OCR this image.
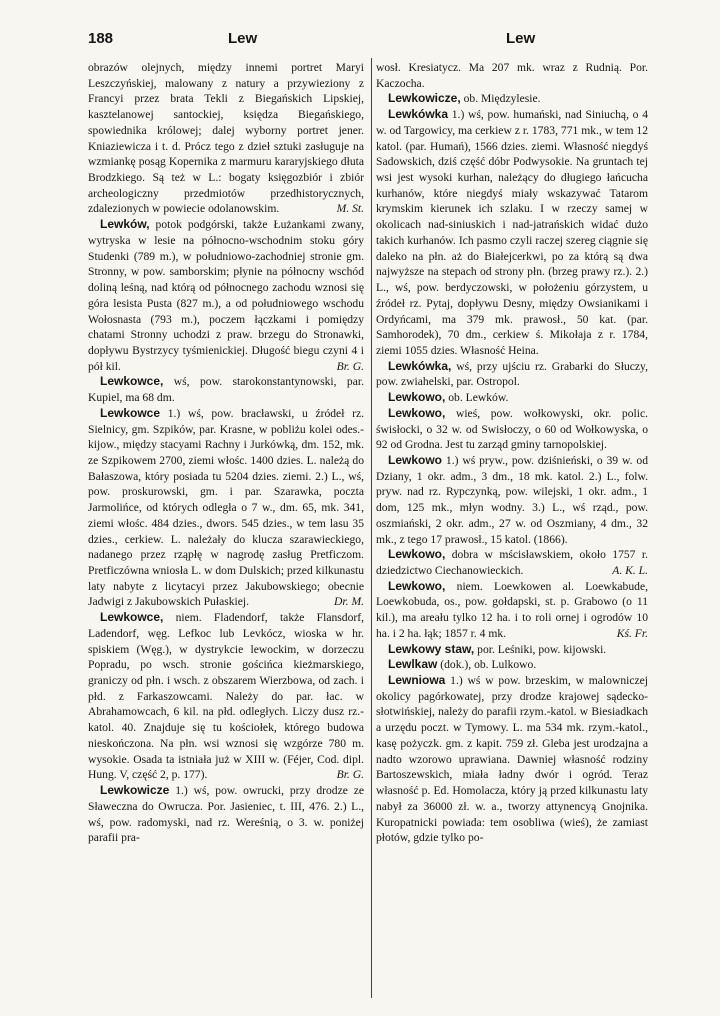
188	Lew	Lew

obrazów olejnych, między innemi portret Maryi Leszczyńskiej, malowany z natury a przywieziony z Francyi przez brata Tekli z Biegańskich Lipskiej, kasztelanowej santockiej, księdza Biegańskiego, spowiednika królowej; dalej wyborny portret jener. Kniaziewicza i t. d. Prócz tego z dzieł sztuki zasługuje na wzmiankę posąg Kopernika z marmuru kararyjskiego dłuta Brodzkiego. Są też w L.: bogaty księgozbiór i zbiór archeologiczny przedmiotów przedhistorycznych, zdalezionych w powiecie odolanowskim.	M. St.

Lewków, potok podgórski, także Łużankami zwany, wytryska w lesie na północno-wschodnim stoku góry Studenki (789 m.), w południowo-zachodniej stronie gm. Stronny, w pow. samborskim; płynie na północny wschód doliną leśną, nad którą od północnego zachodu wznosi się góra lesista Pusta (827 m.), a od południowego wschodu Wołosnasta (793 m.), poczem łączkami i pomiędzy chatami Stronny uchodzi z praw. brzegu do Stronawki, dopływu Bystrzycy tyśmienickiej. Długość biegu czyni 4 i pół kil.	Br. G.

Lewkowce, wś, pow. starokonstantynowski, par. Kupiel, ma 68 dm.

Lewkowce 1.) wś, pow. bracławski, u źródeł rz. Sielnicy, gm. Szpików, par. Krasne, w pobliżu kolei odes.-kijow., między stacyami Rachny i Jurkówką, dm. 152, mk. ze Szpikowem 2700, ziemi włośc. 1400 dzies. L. należą do Bałaszowa, który posiada tu 5204 dzies. ziemi. 2.) L., wś, pow. proskurowski, gm. i par. Szarawka, poczta Jarmolińce, od których odległa o 7 w., dm. 65, mk. 341, ziemi włośc. 484 dzies., dwors. 545 dzies., w tem lasu 35 dzies., cerkiew. L. należały do klucza szarawieckiego, nadanego przez rząpłę w nagrodę zasług Pretficzom. Pretficzówna wniosła L. w dom Dulskich; przed kilkunastu laty nabyte z licytacyi przez Jakubowskiego; obecnie Jadwigi z Jakubowskich Pułaskiej.	Dr. M.

Lewkowce, niem. Fladendorf, także Flansdorf, Ladendorf, węg. Lefkoc lub Levkócz, wioska w hr. spiskiem (Węg.), w dystrykcie lewockim, w dorzeczu Popradu, po wsch. stronie gościńca kieżmarskiego, graniczy od płn. i wsch. z obszarem Wierzbowa, od zach. i płd. z Farkaszowcami. Należy do par. łac. w Abrahamowcach, 6 kil. na płd. odległych. Liczy dusz rz.-katol. 40. Znajduje się tu kościołek, którego budowa nieskończona. Na płn. wsi wznosi się wzgórze 780 m. wysokie. Osada ta istniała już w XIII w. (Féjer, Cod. dipl. Hung. V, część 2, p. 177).	Br. G.

Lewkowicze 1.) wś, pow. owrucki, przy drodze ze Sławeczna do Owrucza. Por. Jasieniec, t. III, 476. 2.) L., wś, pow. radomyski, nad rz. Wereśnią, o 3. w. poniżej parafii pra-

wosł. Kresiatycz. Ma 207 mk. wraz z Rudnią. Por. Kaczocha.

Lewkowicze, ob. Międzylesie.

Lewkówka 1.) wś, pow. humański, nad Siniuchą, o 4 w. od Targowicy, ma cerkiew z r. 1783, 771 mk., w tem 12 katol. (par. Humań), 1566 dzies. ziemi. Własność niegdyś Sadowskich, dziś część dóbr Podwysokie. Na gruntach tej wsi jest wysoki kurhan, należący do długiego łańcucha kurhanów, które niegdyś miały wskazywać Tatarom krymskim kierunek ich szlaku. I w rzeczy samej w okolicach nad-siniuskich i nad-jatrańskich widać dużo takich kurhanów. Ich pasmo czyli raczej szereg ciągnie się daleko na płn. aż do Białejcerkwi, po za którą są dwa najwyższe na stepach od strony płn. (brzeg prawy rz.). 2.) L., wś, pow. berdyczowski, w położeniu górzystem, u źródeł rz. Pytaj, dopływu Desny, między Owsianikami i Ordyńcami, ma 379 mk. prawosł., 50 kat. (par. Samhorodek), 70 dm., cerkiew ś. Mikołaja z r. 1784, ziemi 1055 dzies. Własność Heina.

Lewkówka, wś, przy ujściu rz. Grabarki do Słuczy, pow. zwiahelski, par. Ostropol.

Lewkowo, ob. Lewków.

Lewkowo, wieś, pow. wołkowyski, okr. polic. świsłocki, o 32 w. od Swisłoczy, o 60 od Wołkowyska, o 92 od Grodna. Jest tu zarząd gminy tarnopolskiej.

Lewkowo 1.) wś pryw., pow. dziśnieński, o 39 w. od Dziany, 1 okr. adm., 3 dm., 18 mk. katol. 2.) L., folw. pryw. nad rz. Rypczynką, pow. wilejski, 1 okr. adm., 1 dom, 125 mk., młyn wodny. 3.) L., wś rząd., pow. oszmiański, 2 okr. adm., 27 w. od Oszmiany, 4 dm., 32 mk., z tego 17 prawosł., 15 katol. (1866).

Lewkowo, dobra w mścisławskiem, około 1757 r. dziedzictwo Ciechanowieckich.	A. K. L.

Lewkowo, niem. Loewkowen al. Loewkabude, Loewkobuda, os., pow. gołdapski, st. p. Grabowo (o 11 kil.), ma areału tylko 12 ha. i to roli ornej i ogrodów 10 ha. i 2 ha. łąk; 1857 r. 4 mk.	Kś. Fr.

Lewkowy staw, por. Leśniki, pow. kijowski.

Lewlkaw (dok.), ob. Lulkowo.

Lewniowa 1.) wś w pow. brzeskim, w malowniczej okolicy pagórkowatej, przy drodze krajowej sądecko-słotwińskiej, należy do parafii rzym.-katol. w Biesiadkach a urzędu poczt. w Tymowy. L. ma 534 mk. rzym.-katol., kasę pożyczk. gm. z kapit. 759 zł. Gleba jest urodzajna a nadto wzorowo uprawiana. Dawniej własność rodziny Bartoszewskich, miała ładny dwór i ogród. Teraz własność p. Ed. Homolacza, który ją przed kilkunastu laty nabył za 36000 zł. w. a., tworzy attynencyą Gnojnika. Kuropatnicki powiada: tem osobliwa (wieś), że zamiast płotów, gdzie tylko po-
